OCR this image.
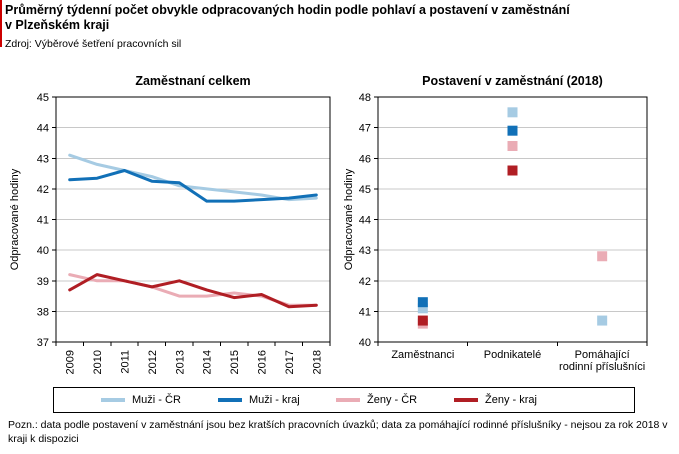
Průměrný týdenní počet obvykle odpracovaných hodin podle pohlaví a postavení v zaměstnání
v Plzeňském kraji
Zdroj: Výběrové šetření pracovních sil
37
38
39
40
41
42
43
44
45
2009 2010 2011 2012 2013 2014 2015 2016 2017 2018
Zaměstnaní celkem
Odpracované hodiny
40
41
42
43
44
45
46
47
48
Zaměstnanci	Podnikatelé	Pomáhající rodinní příslušníci
Postavení v zaměstnání (2018)
Odpracované hodiny
Muži - ČR	Muži - kraj	Ženy - ČR	Ženy - kraj
Pozn.: data podle postavení v zaměstnání jsou bez kratších pracovních úvazků; data za pomáhající rodinné příslušníky - nejsou za rok 2018 v kraji k dispozici
